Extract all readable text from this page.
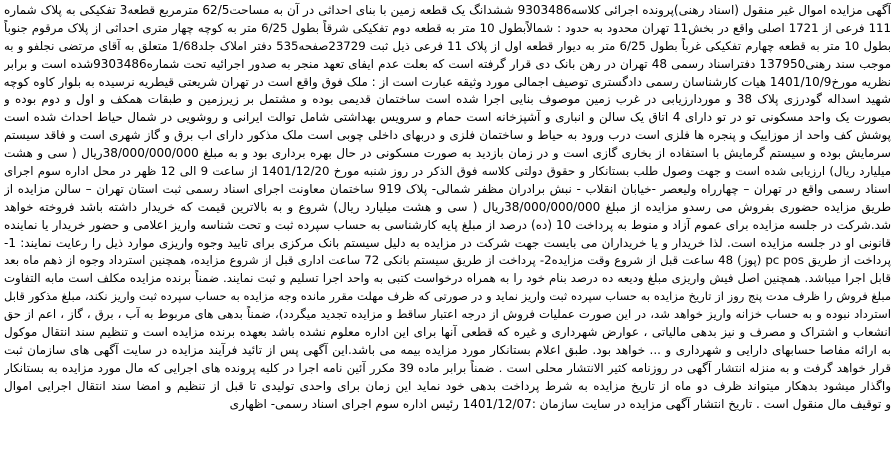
آگهی مزایده اموال غیر منقول (اسناد رهنی)پرونده اجرائی کلاسه9303486 ششدانگ یک قطعه زمین با بنای احداثی در آن به مساحت62/5 مترمربع قطعه3 تفکیکی به پلاک شماره
111 فرعی از 1721 اصلی واقع در بخش11 تهران محدود به حدود : شمالاًبطول 10 متر به قطعه دوم تفکیکی شرقاً بطول 6/25 متر به کوچه چهار متری احداثی از پلاک مرقوم جنوباً
بطول 10 متر به قطعه چهارم تفکیکی غرباً بطول 6/25 متر به دیوار قطعه اول از پلاک 11 فرعی ذیل ثبت 23729صفحه535 دفتر املاک جلد1/68 متعلق به آقای مرتضی نجلفو و به
موجب سند رهنی137950 دفتراسناد رسمی 48 تهران در رهن بانک دی قرار گرفته است که بعلت عدم ایفای تعهد منجر به صدور اجرائیه تحت شماره9303486شده است و برابر
نظریه مورخ1401/10/9 هیات کارشناسان رسمی دادگستری توصیف اجمالی مورد وثیقه عبارت است از : ملک فوق واقع است در تهران شریعتی قیطریه نرسیده به بلوار کاوه کوچه
شهید اسداله گودرزی پلاک 38 و موردارزیابی در غرب زمین موصوف بنایی اجرا شده است ساختمان قدیمی بوده و مشتمل بر زیرزمین و طبقات همکف و اول و دوم بوده و
بصورت یک واحد مسکونی تو در تو دارای 4 اتاق یک سالن و انباری و آشپزخانه است حمام و سرویس بهداشتی شامل توالت ایرانی و روشویی در شمال حیاط احداث شده است
پوشش کف واحد از موزاییک و پنجره ها فلزی است درب ورود به حیاط و ساختمان فلزی و دربهای داخلی چوبی است ملک مذکور دارای اب برق و گاز شهری است و فاقد سیستم
سرمایش بوده و سیستم گرمایش با استفاده از بخاری گازی است و در زمان بازدید به صورت مسکونی در حال بهره برداری بود و به مبلغ 38/000/000/000ریال ( سی و هشت
میلیارد ریال) ارزیابی شده است و جهت وصول طلب بستانکار و حقوق دولتی کلاسه فوق الذکر در روز شنبه مورخ 1401/12/20 از ساعت 9 الی 12 ظهر در محل اداره سوم اجرای
اسناد رسمی واقع در تهران – چهارراه ولیعصر -خیابان انقلاب - نبش برادران مظفر شمالی- پلاک 919 ساختمان معاونت اجرای اسناد رسمی ثبت استان تهران – سالن مزایده از
طریق مزایده حضوری بفروش می رسدو مزایده از مبلغ 38/000/000/000ریال ( سی و هشت میلیارد ریال) شروع و به بالاترین قیمت که خریدار داشته باشد فروخته خواهد
شد.شرکت در جلسه مزایده برای عموم آزاد و منوط به پرداخت 10 (ده) درصد از مبلغ پایه کارشناسی به حساب سپرده ثبت و تحت شناسه واریز اعلامی و حضور خریدار یا نماینده
قانونی او در جلسه مزایده است. لذا خریدار و یا خریداران می بایست جهت شرکت در مزایده به دلیل سیستم بانک مرکزی برای تایید وجوه واریزی موارد ذیل را رعایت نمایند: 1-
پرداخت از طریق pc pos (پوز) 48 ساعت قبل از شروع وقت مزایده2- پرداخت از طریق سیستم بانکی 72 ساعت اداری قبل از شروع مزایده، همچنین استرداد وجوه از ذهم ماه بعد
قابل اجرا میباشد. همچنین اصل فیش واریزی مبلغ ودیعه ده درصد بنام خود را به همراه درخواست کتبی به واحد اجرا تسلیم و ثبت نمایند. ضمناً برنده مزایده مکلف است مابه التفاوت
مبلغ فروش را ظرف مدت پنج روز از تاریخ مزایده به حساب سپرده ثبت واریز نماید و در صورتی که ظرف مهلت مقرر مانده وجه مزایده به حساب سپرده ثبت واریز نکند، مبلغ مذکور قابل
استرداد نبوده و به حساب خزانه واریز خواهد شد، در این صورت عملیات فروش از درجه اعتبار ساقط و مزایده تجدید میگردد)، ضمناً بدهی های مربوط به آب ، برق ، گاز ، اعم از حق
انشعاب و اشتراک و مصرف و نیز بدهی مالیاتی ، عوارض شهرداری و غیره که قطعی آنها برای این اداره معلوم نشده باشد بعهده برنده مزایده است و تنظیم سند انتقال موکول
به ارائه مفاصا حسابهای دارایی و شهرداری و ... خواهد بود. طبق اعلام بستانکار مورد مزایده بیمه می باشد.این آگهی پس از تائید فرآیند مزایده در سایت آگهی های سازمان ثبت
قرار خواهد گرفت و به منزله انتشار آگهی در روزنامه کثیر الانتشار محلی است . ضمناً برابر ماده 39 مکرر آئین نامه اجرا در کلیه پرونده های اجرایی که مال مورد مزایده به بستانکار
واگذار میشود بدهکار میتواند ظرف دو ماه از تاریخ مزایده به شرط پرداخت بدهی خود نماید این زمان برای واحدی تولیدی تا قبل از تنظیم و امضا سند انتقال اجرایی اموال
و توقیف مال منقول است . تاریخ انتشار آگهی مزایده در سایت سازمان :1401/12/07 رئیس اداره سوم اجرای اسناد رسمی- اظهاری
